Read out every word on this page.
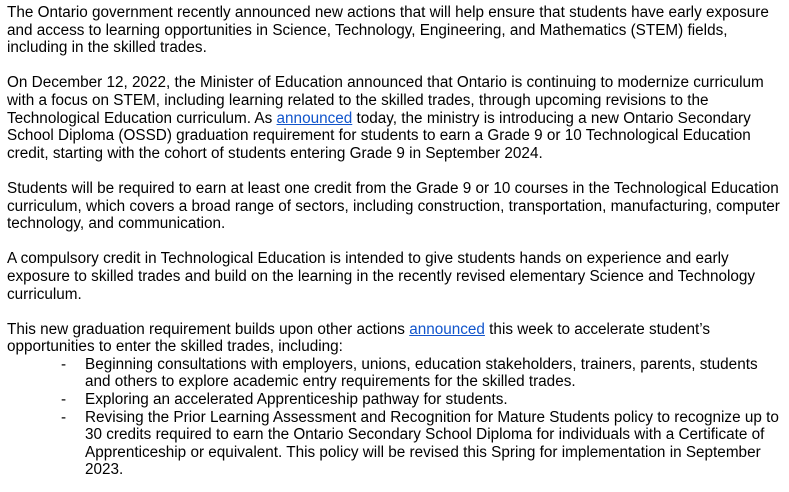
The Ontario government recently announced new actions that will help ensure that students have early exposure and access to learning opportunities in Science, Technology, Engineering, and Mathematics (STEM) fields, including in the skilled trades.

On December 12, 2022, the Minister of Education announced that Ontario is continuing to modernize curriculum with a focus on STEM, including learning related to the skilled trades, through upcoming revisions to the Technological Education curriculum. As announced today, the ministry is introducing a new Ontario Secondary School Diploma (OSSD) graduation requirement for students to earn a Grade 9 or 10 Technological Education credit, starting with the cohort of students entering Grade 9 in September 2024.

Students will be required to earn at least one credit from the Grade 9 or 10 courses in the Technological Education curriculum, which covers a broad range of sectors, including construction, transportation, manufacturing, computer technology, and communication.

A compulsory credit in Technological Education is intended to give students hands on experience and early exposure to skilled trades and build on the learning in the recently revised elementary Science and Technology curriculum.

This new graduation requirement builds upon other actions announced this week to accelerate student’s opportunities to enter the skilled trades, including:

- Beginning consultations with employers, unions, education stakeholders, trainers, parents, students and others to explore academic entry requirements for the skilled trades.
- Exploring an accelerated Apprenticeship pathway for students.
- Revising the Prior Learning Assessment and Recognition for Mature Students policy to recognize up to 30 credits required to earn the Ontario Secondary School Diploma for individuals with a Certificate of Apprenticeship or equivalent. This policy will be revised this Spring for implementation in September 2023.
